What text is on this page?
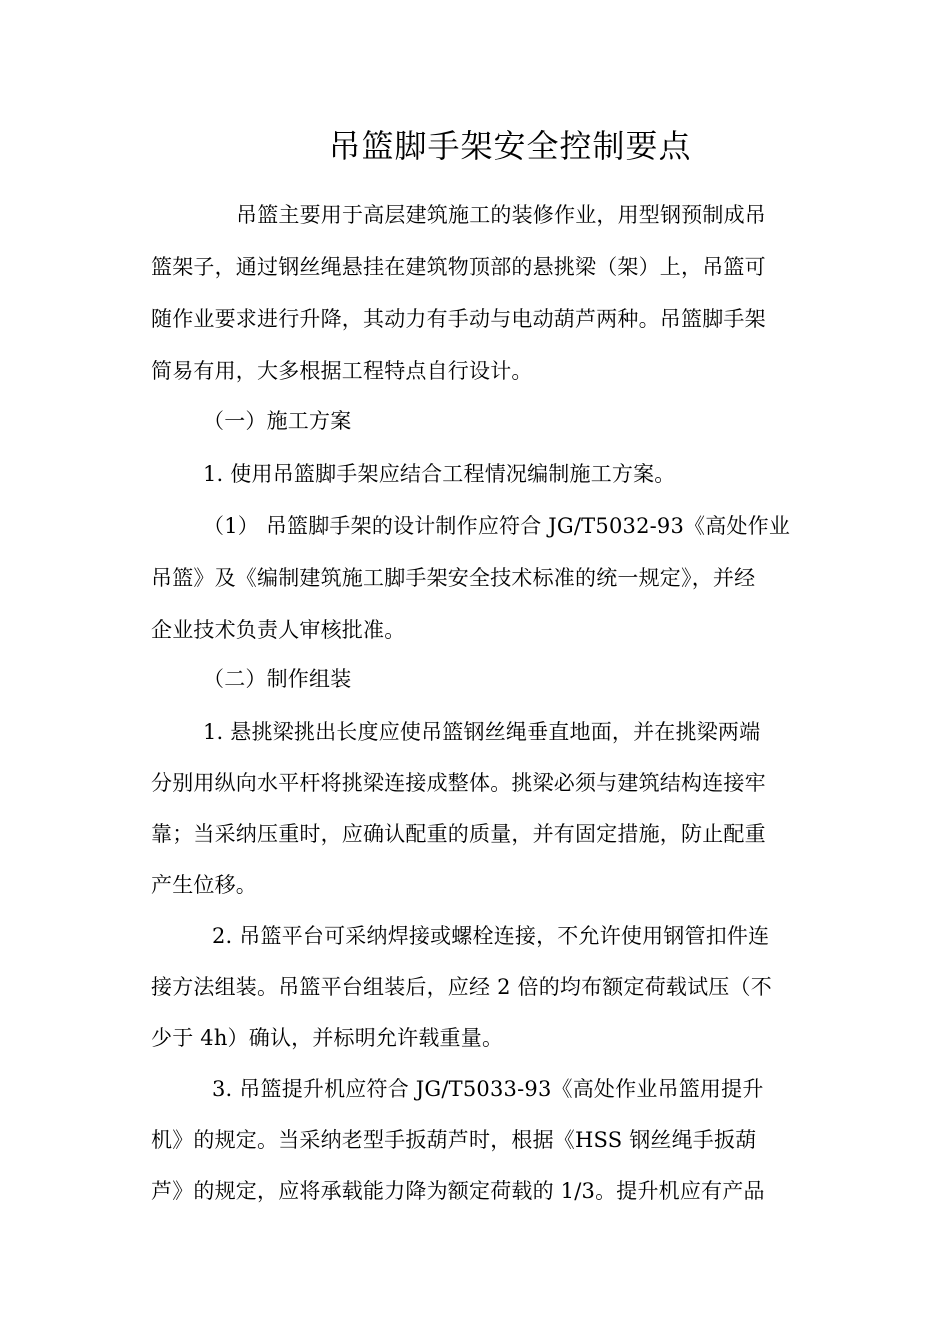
吊篮脚手架安全控制要点
吊篮主要用于高层建筑施工的装修作业，用型钢预制成吊
篮架子，通过钢丝绳悬挂在建筑物顶部的悬挑梁（架）上，吊篮可
随作业要求进行升降，其动力有手动与电动葫芦两种。吊篮脚手架
简易有用，大多根据工程特点自行设计。
（一）施工方案
1. 使用吊篮脚手架应结合工程情况编制施工方案。
（1） 吊篮脚手架的设计制作应符合 JG/T5032-93《高处作业
吊篮》及《编制建筑施工脚手架安全技术标准的统一规定》，并经
企业技术负责人审核批准。
（二）制作组装
1. 悬挑梁挑出长度应使吊篮钢丝绳垂直地面，并在挑梁两端
分别用纵向水平杆将挑梁连接成整体。挑梁必须与建筑结构连接牢
靠；当采纳压重时，应确认配重的质量，并有固定措施，防止配重
产生位移。
2. 吊篮平台可采纳焊接或螺栓连接，不允许使用钢管扣件连
接方法组装。吊篮平台组装后，应经 2 倍的均布额定荷载试压（不
少于 4h）确认，并标明允许载重量。
3. 吊篮提升机应符合 JG/T5033-93《高处作业吊篮用提升
机》的规定。当采纳老型手扳葫芦时，根据《HSS 钢丝绳手扳葫
芦》的规定，应将承载能力降为额定荷载的 1/3。提升机应有产品
